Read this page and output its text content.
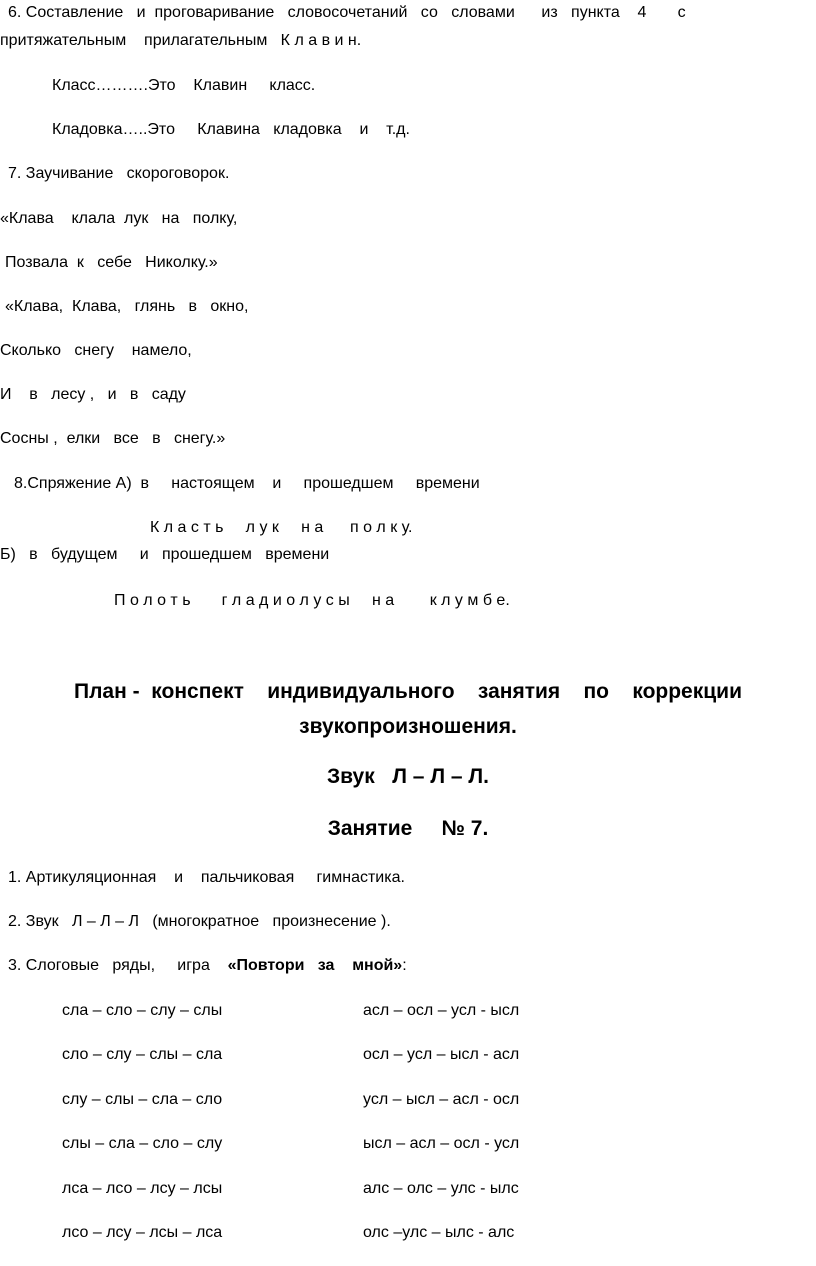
6. Составление   и  проговаривание   словосочетаний   со   словами      из   пункта    4       с
притяжательным    прилагательным   К л а в и н.
Класс……….Это    Клавин     класс.
Кладовка…..Это     Клавина   кладовка    и    т.д.
7. Заучивание   скороговорок.
«Клава    клала  лук   на   полку,
Позвала  к   себе   Николку.»
«Клава,  Клава,   глянь   в   окно,
Сколько   снегу    намело,
И    в   лесу ,   и   в   саду
Сосны ,  елки   все   в   снегу.»
8.Спряжение А)  в     настоящем    и     прошедшем     времени
К л а с т ь     л у к     н а      п о л к у.
Б)   в   будущем     и   прошедшем   времени
П о л о т ь       г л а д и о л у с ы     н а        к л у м б е.
План -  конспект    индивидуального    занятия    по    коррекции
звукопроизношения.
Звук   Л – Л – Л.
Занятие     № 7.
1. Артикуляционная    и    пальчиковая     гимнастика.
2. Звук   Л – Л – Л   (многократное   произнесение ).
3. Слоговые   ряды,     игра    «Повтори   за    мной»:
сла – сло – слу – слы	асл – осл – усл - ысл
сло – слу – слы – сла	осл – усл – ысл - асл
слу – слы – сла – сло	усл – ысл – асл - осл
слы – сла – сло – слу	ысл – асл – осл - усл
лса – лсо – лсу – лсы	алс – олс – улс - ылс
лсо – лсу – лсы – лса	олс –улс – ылс - алс
